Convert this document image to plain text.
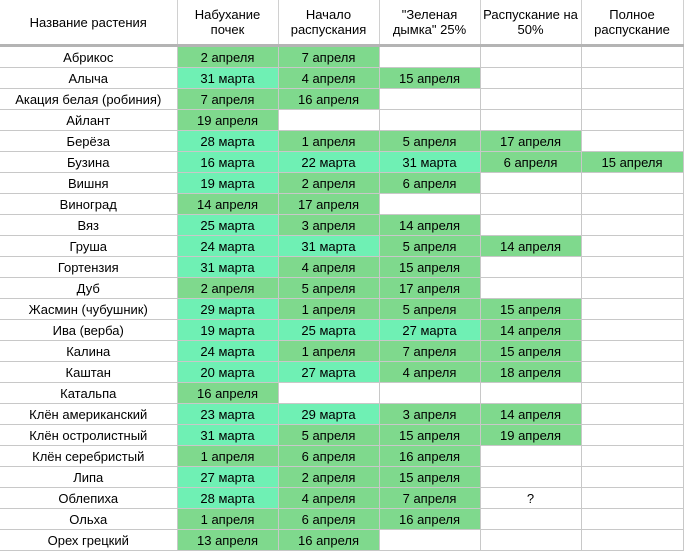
Название растения	Набухание почек	Начало распускания	"Зеленая дымка" 25%	Распускание на 50%	Полное распускание
Абрикос	2 апреля	7 апреля			
Алыча	31 марта	4 апреля	15 апреля		
Акация белая (робиния)	7 апреля	16 апреля			
Айлант	19 апреля				
Берёза	28 марта	1 апреля	5 апреля	17 апреля	
Бузина	16 марта	22 марта	31 марта	6 апреля	15 апреля
Вишня	19 марта	2 апреля	6 апреля		
Виноград	14 апреля	17 апреля			
Вяз	25 марта	3 апреля	14 апреля		
Груша	24 марта	31 марта	5 апреля	14 апреля	
Гортензия	31 марта	4 апреля	15 апреля		
Дуб	2 апреля	5 апреля	17 апреля		
Жасмин (чубушник)	29 марта	1 апреля	5 апреля	15 апреля	
Ива (верба)	19 марта	25 марта	27 марта	14 апреля	
Калина	24 марта	1 апреля	7 апреля	15 апреля	
Каштан	20 марта	27 марта	4 апреля	18 апреля	
Катальпа	16 апреля				
Клён американский	23 марта	29 марта	3 апреля	14 апреля	
Клён остролистный	31 марта	5 апреля	15 апреля	19 апреля	
Клён серебристый	1 апреля	6 апреля	16 апреля		
Липа	27 марта	2 апреля	15 апреля		
Облепиха	28 марта	4 апреля	7 апреля	?	
Ольха	1 апреля	6 апреля	16 апреля		
Орех грецкий	13 апреля	16 апреля			
